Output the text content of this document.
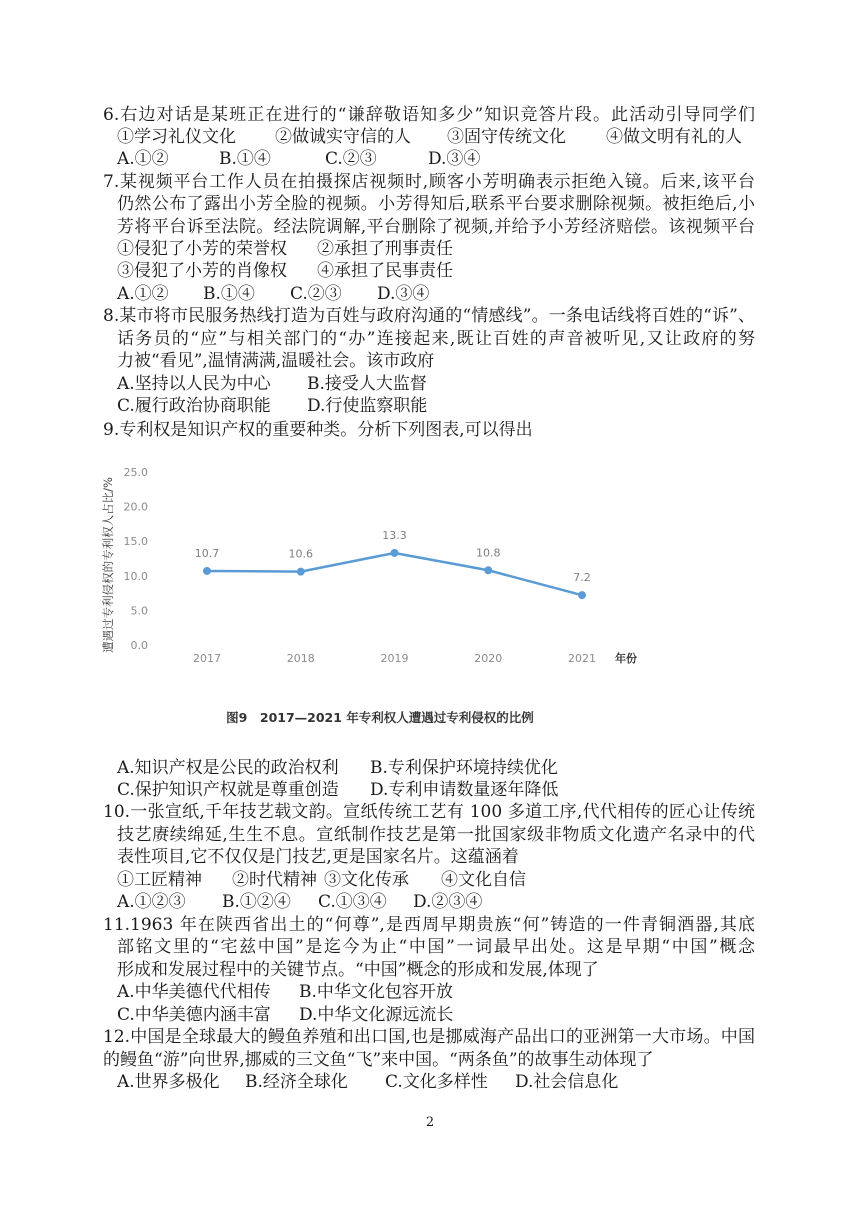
6.右边对话是某班正在进行的“谦辞敬语知多少”知识竞答片段。此活动引导同学们
①学习礼仪文化 ②做诚实守信的人 ③固守传统文化 ④做文明有礼的人
A.①②	B.①④	C.②③	D.③④
7.某视频平台工作人员在拍摄探店视频时,顾客小芳明确表示拒绝入镜。后来,该平台
仍然公布了露出小芳全脸的视频。小芳得知后,联系平台要求删除视频。被拒绝后,小
芳将平台诉至法院。经法院调解,平台删除了视频,并给予小芳经济赔偿。该视频平台
①侵犯了小芳的荣誉权 ②承担了刑事责任
③侵犯了小芳的肖像权 ④承担了民事责任
A.①② B.①④ C.②③ D.③④
8.某市将市民服务热线打造为百姓与政府沟通的“情感线”。一条电话线将百姓的“诉”、
话务员的“应”与相关部门的“办”连接起来,既让百姓的声音被听见,又让政府的努
力被“看见”,温情满满,温暖社会。该市政府
A.坚持以人民为中心 B.接受人大监督
C.履行政治协商职能 D.行使监察职能
9.专利权是知识产权的重要种类。分析下列图表,可以得出
遭遇过专利侵权的专利权人占比/%
年份
0.0
5.0
10.0
15.0
20.0
25.0
2017	2018	2019	2020	2021
10.7	10.6
13.3
10.8
7.2
图9　2017—2021 年专利权人遭遇过专利侵权的比例
A.知识产权是公民的政治权利 B.专利保护环境持续优化
C.保护知识产权就是尊重创造 D.专利申请数量逐年降低
10.一张宣纸,千年技艺载文韵。宣纸传统工艺有 100 多道工序,代代相传的匠心让传统
技艺赓续绵延,生生不息。宣纸制作技艺是第一批国家级非物质文化遗产名录中的代
表性项目,它不仅仅是门技艺,更是国家名片。这蕴涵着
①工匠精神 ②时代精神 ③文化传承 ④文化自信
A.①②③ B.①②④ C.①③④ D.②③④
11.1963 年在陕西省出土的“何尊”,是西周早期贵族“何”铸造的一件青铜酒器,其底
部铭文里的“宅兹中国”是迄今为止“中国”一词最早出处。这是早期“中国”概念
形成和发展过程中的关键节点。“中国”概念的形成和发展,体现了
A.中华美德代代相传 B.中华文化包容开放
C.中华美德内涵丰富 D.中华文化源远流长
12.中国是全球最大的鳗鱼养殖和出口国,也是挪威海产品出口的亚洲第一大市场。中国
的鳗鱼“游”向世界,挪威的三文鱼“飞”来中国。“两条鱼”的故事生动体现了
A.世界多极化 B.经济全球化 C.文化多样性 D.社会信息化
2
